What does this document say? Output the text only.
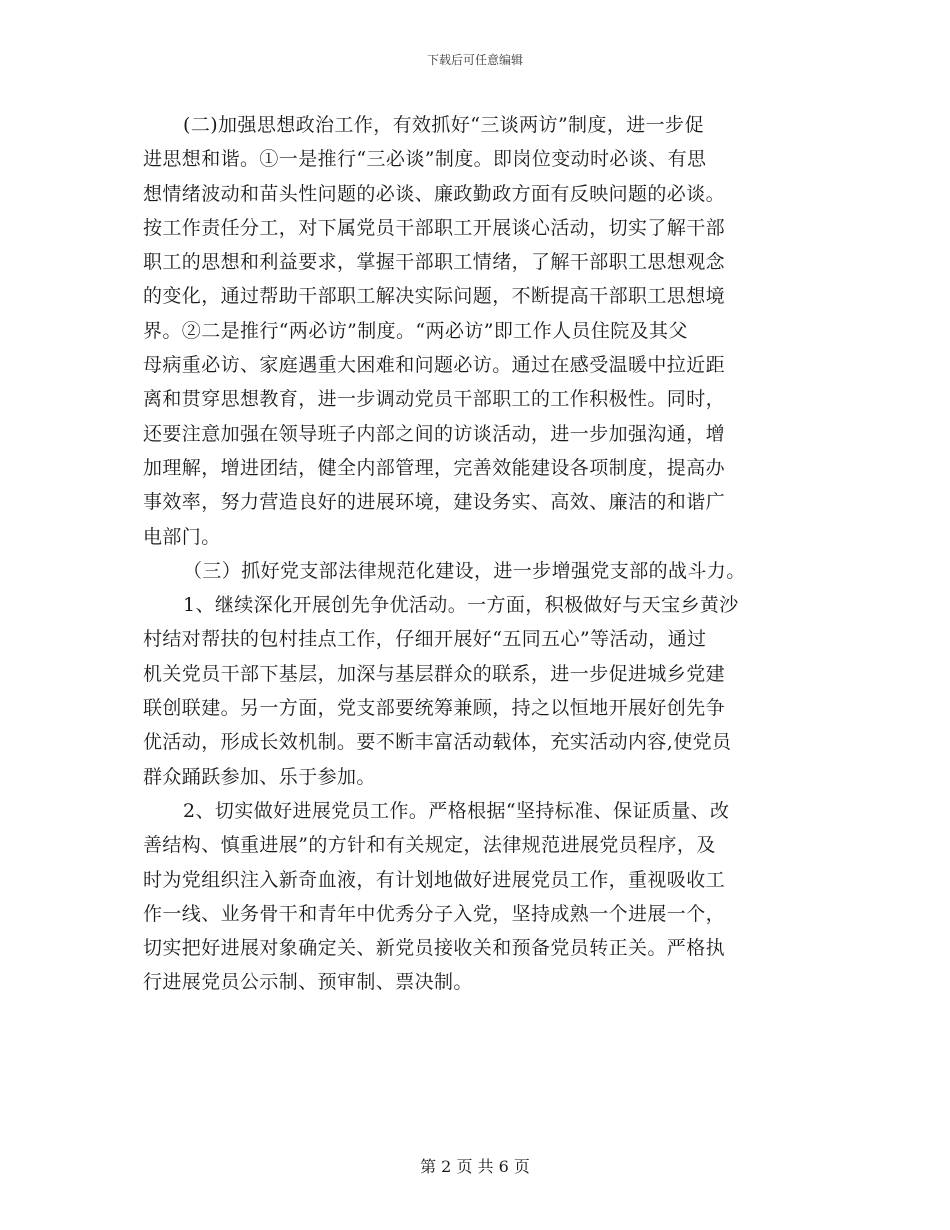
下载后可任意编辑
(二)加强思想政治工作，有效抓好“三谈两访”制度，进一步促
进思想和谐。①一是推行“三必谈”制度。即岗位变动时必谈、有思
想情绪波动和苗头性问题的必谈、廉政勤政方面有反映问题的必谈。
按工作责任分工，对下属党员干部职工开展谈心活动，切实了解干部
职工的思想和利益要求，掌握干部职工情绪，了解干部职工思想观念
的变化，通过帮助干部职工解决实际问题，不断提高干部职工思想境
界。②二是推行“两必访”制度。“两必访”即工作人员住院及其父
母病重必访、家庭遇重大困难和问题必访。通过在感受温暖中拉近距
离和贯穿思想教育，进一步调动党员干部职工的工作积极性。同时，
还要注意加强在领导班子内部之间的访谈活动，进一步加强沟通，增
加理解，增进团结，健全内部管理，完善效能建设各项制度，提高办
事效率，努力营造良好的进展环境，建设务实、高效、廉洁的和谐广
电部门。
（三）抓好党支部法律规范化建设，进一步增强党支部的战斗力。
1、继续深化开展创先争优活动。一方面，积极做好与天宝乡黄沙
村结对帮扶的包村挂点工作，仔细开展好“五同五心”等活动，通过
机关党员干部下基层，加深与基层群众的联系，进一步促进城乡党建
联创联建。另一方面，党支部要统筹兼顾，持之以恒地开展好创先争
优活动，形成长效机制。要不断丰富活动载体，充实活动内容,使党员
群众踊跃参加、乐于参加。
2、切实做好进展党员工作。严格根据“坚持标准、保证质量、改
善结构、慎重进展”的方针和有关规定，法律规范进展党员程序，及
时为党组织注入新奇血液，有计划地做好进展党员工作，重视吸收工
作一线、业务骨干和青年中优秀分子入党，坚持成熟一个进展一个，
切实把好进展对象确定关、新党员接收关和预备党员转正关。严格执
行进展党员公示制、预审制、票决制。
第 2 页 共 6 页
